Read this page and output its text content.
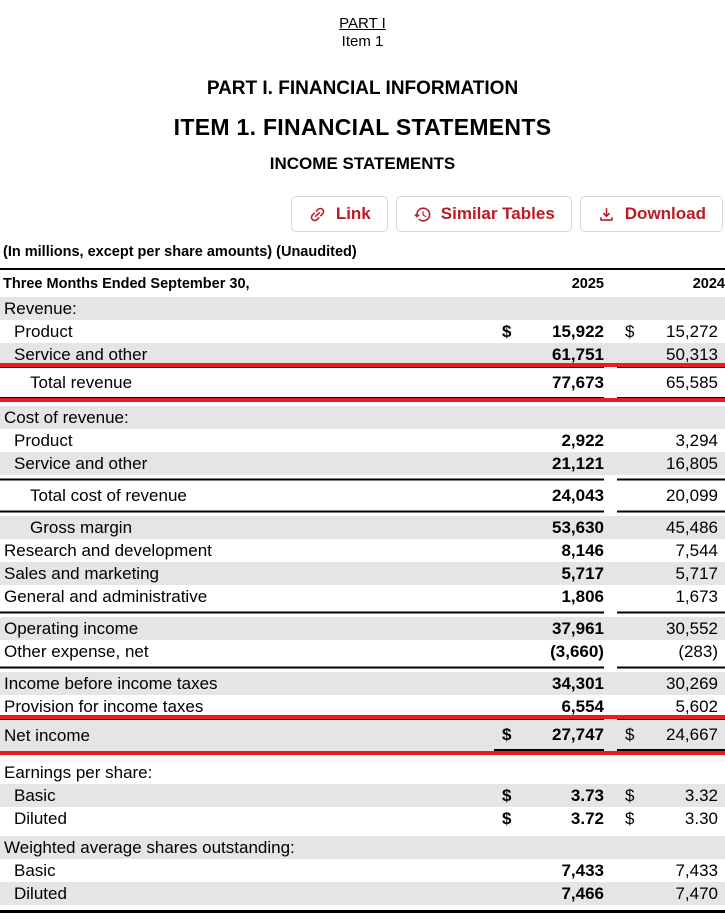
PART I
Item 1
PART I. FINANCIAL INFORMATION
ITEM 1. FINANCIAL STATEMENTS
INCOME STATEMENTS
Link	Similar Tables	Download
(In millions, except per share amounts) (Unaudited)
Three Months Ended September 30,	2025			2024	
Revenue:					
Product	$	15,922		$	15,272
Service and other		61,751			50,313
Total revenue		77,673			65,585

Cost of revenue:					
Product		2,922			3,294
Service and other		21,121			16,805

Total cost of revenue		24,043			20,099

Gross margin		53,630			45,486
Research and development		8,146			7,544
Sales and marketing		5,717			5,717
General and administrative		1,806			1,673

Operating income		37,961			30,552
Other expense, net		(3,660)			(283)

Income before income taxes		34,301			30,269
Provision for income taxes		6,554			5,602
Net income	$	27,747		$	24,667

Earnings per share:					
Basic	$	3.73		$	3.32
Diluted	$	3.72		$	3.30

Weighted average shares outstanding:					
Basic		7,433			7,433
Diluted		7,466			7,470
